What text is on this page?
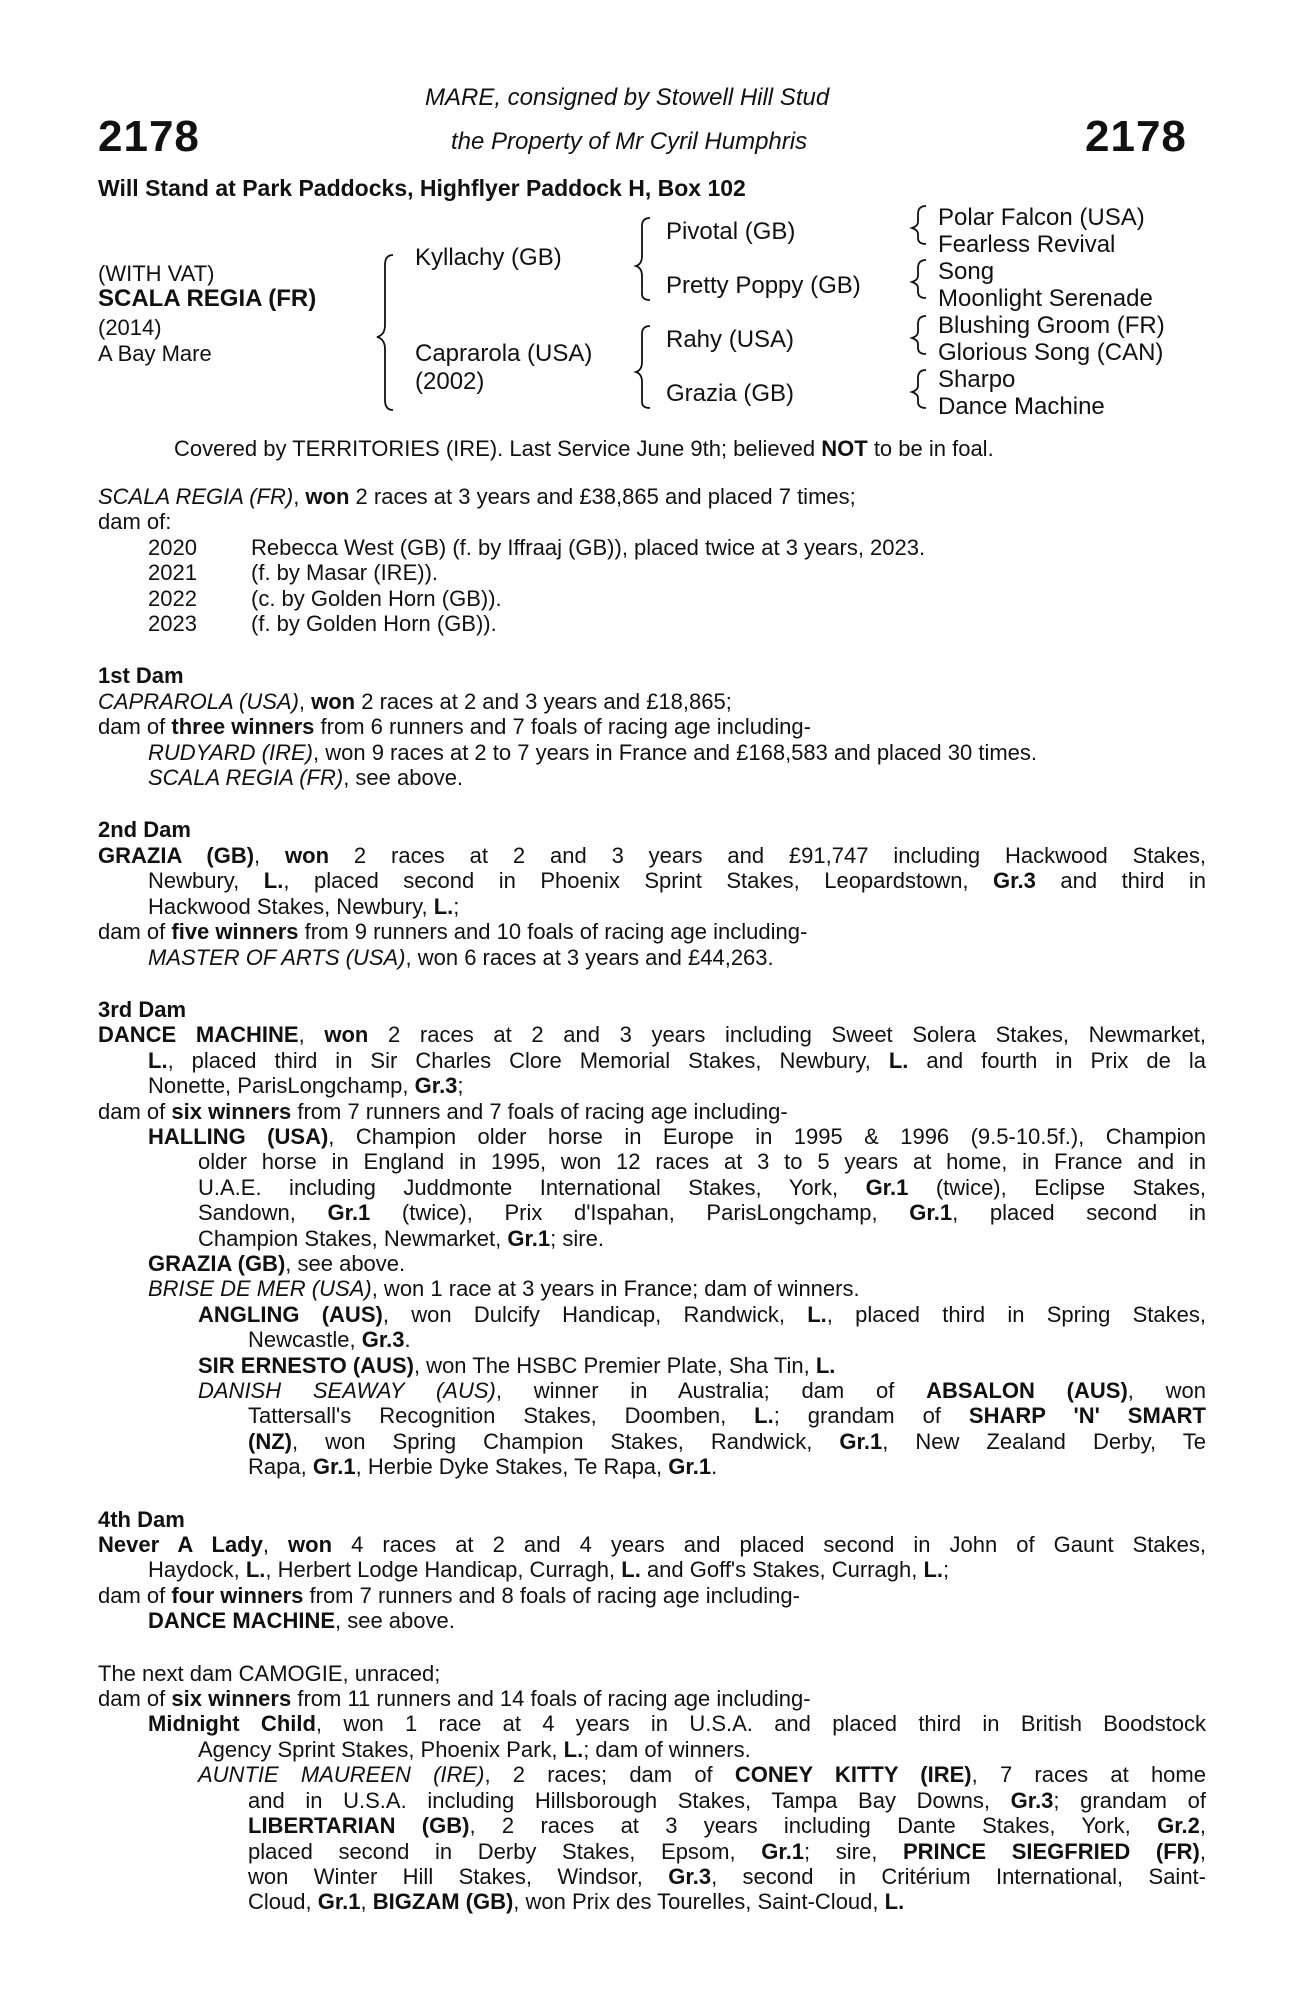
2178	2178
MARE, consigned by Stowell Hill Stud
the Property of Mr Cyril Humphris
Will Stand at Park Paddocks, Highflyer Paddock H, Box 102
(WITH VAT)
SCALA REGIA (FR)
(2014)
A Bay Mare
Kyllachy (GB)
Caprarola (USA)
(2002)
Pivotal (GB)
Pretty Poppy (GB)
Rahy (USA)
Grazia (GB)
Polar Falcon (USA)
Fearless Revival
Song
Moonlight Serenade
Blushing Groom (FR)
Glorious Song (CAN)
Sharpo
Dance Machine
Covered by TERRITORIES (IRE). Last Service June 9th; believed NOT to be in foal.
SCALA REGIA (FR), won 2 races at 3 years and £38,865 and placed 7 times;
dam of:
2020	Rebecca West (GB) (f. by Iffraaj (GB)), placed twice at 3 years, 2023.
2021	(f. by Masar (IRE)).
2022	(c. by Golden Horn (GB)).
2023	(f. by Golden Horn (GB)).
1st Dam
CAPRAROLA (USA), won 2 races at 2 and 3 years and £18,865;
dam of three winners from 6 runners and 7 foals of racing age including-
RUDYARD (IRE), won 9 races at 2 to 7 years in France and £168,583 and placed 30 times.
SCALA REGIA (FR), see above.
2nd Dam
GRAZIA (GB), won 2 races at 2 and 3 years and £91,747 including Hackwood Stakes,
Newbury, L., placed second in Phoenix Sprint Stakes, Leopardstown, Gr.3 and third in
Hackwood Stakes, Newbury, L.;
dam of five winners from 9 runners and 10 foals of racing age including-
MASTER OF ARTS (USA), won 6 races at 3 years and £44,263.
3rd Dam
DANCE MACHINE, won 2 races at 2 and 3 years including Sweet Solera Stakes, Newmarket,
L., placed third in Sir Charles Clore Memorial Stakes, Newbury, L. and fourth in Prix de la
Nonette, ParisLongchamp, Gr.3;
dam of six winners from 7 runners and 7 foals of racing age including-
HALLING (USA), Champion older horse in Europe in 1995 & 1996 (9.5-10.5f.), Champion
older horse in England in 1995, won 12 races at 3 to 5 years at home, in France and in
U.A.E. including Juddmonte International Stakes, York, Gr.1 (twice), Eclipse Stakes,
Sandown, Gr.1 (twice), Prix d'Ispahan, ParisLongchamp, Gr.1, placed second in
Champion Stakes, Newmarket, Gr.1; sire.
GRAZIA (GB), see above.
BRISE DE MER (USA), won 1 race at 3 years in France; dam of winners.
ANGLING (AUS), won Dulcify Handicap, Randwick, L., placed third in Spring Stakes,
Newcastle, Gr.3.
SIR ERNESTO (AUS), won The HSBC Premier Plate, Sha Tin, L.
DANISH SEAWAY (AUS), winner in Australia; dam of ABSALON (AUS), won
Tattersall's Recognition Stakes, Doomben, L.; grandam of SHARP 'N' SMART
(NZ), won Spring Champion Stakes, Randwick, Gr.1, New Zealand Derby, Te
Rapa, Gr.1, Herbie Dyke Stakes, Te Rapa, Gr.1.
4th Dam
Never A Lady, won 4 races at 2 and 4 years and placed second in John of Gaunt Stakes,
Haydock, L., Herbert Lodge Handicap, Curragh, L. and Goff's Stakes, Curragh, L.;
dam of four winners from 7 runners and 8 foals of racing age including-
DANCE MACHINE, see above.
The next dam CAMOGIE, unraced;
dam of six winners from 11 runners and 14 foals of racing age including-
Midnight Child, won 1 race at 4 years in U.S.A. and placed third in British Boodstock
Agency Sprint Stakes, Phoenix Park, L.; dam of winners.
AUNTIE MAUREEN (IRE), 2 races; dam of CONEY KITTY (IRE), 7 races at home
and in U.S.A. including Hillsborough Stakes, Tampa Bay Downs, Gr.3; grandam of
LIBERTARIAN (GB), 2 races at 3 years including Dante Stakes, York, Gr.2,
placed second in Derby Stakes, Epsom, Gr.1; sire, PRINCE SIEGFRIED (FR),
won Winter Hill Stakes, Windsor, Gr.3, second in Critérium International, Saint-
Cloud, Gr.1, BIGZAM (GB), won Prix des Tourelles, Saint-Cloud, L.
